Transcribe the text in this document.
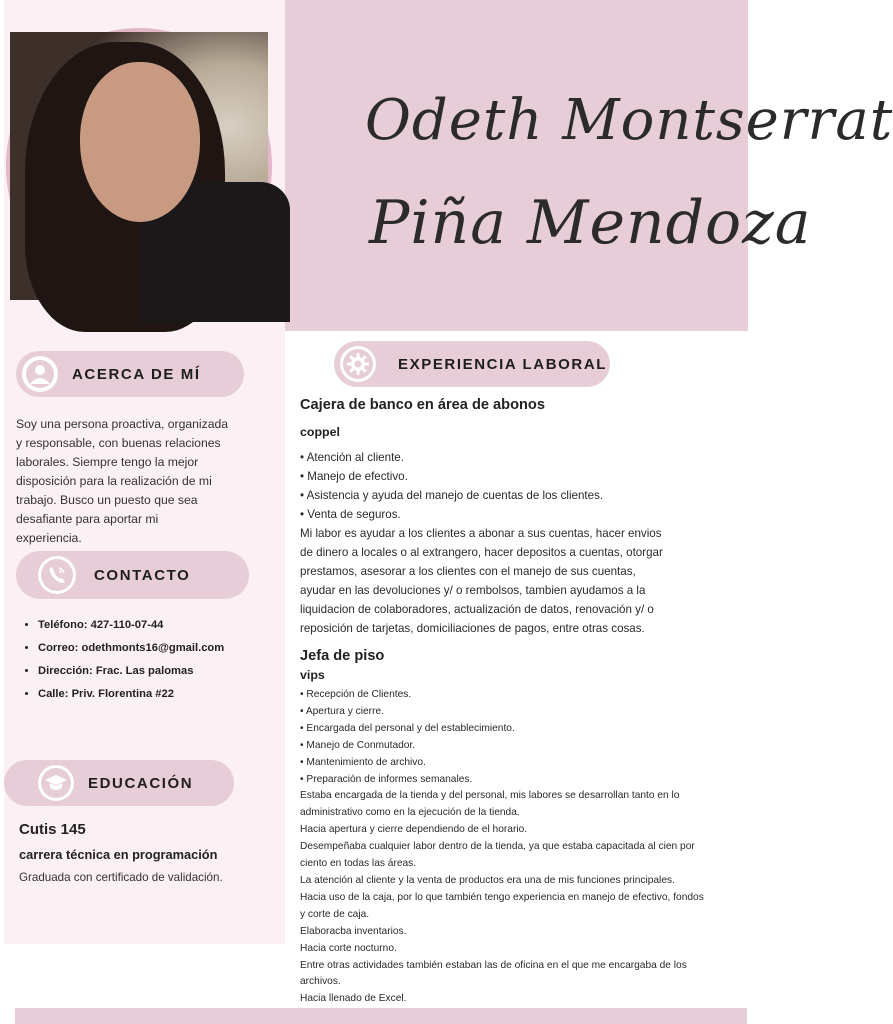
Odeth Montserrat
Piña Mendoza
ACERCA DE MÍ
Soy una persona proactiva, organizada
y responsable, con buenas relaciones
laborales. Siempre tengo la mejor
disposición para la realización de mi
trabajo. Busco un puesto que sea
desafiante para aportar mi
experiencia.
CONTACTO
• Teléfono: 427-110-07-44
• Correo: odethmonts16@gmail.com
• Dirección: Frac. Las palomas
• Calle: Priv. Florentina #22
EDUCACIÓN
Cutis 145
carrera técnica en programación
Graduada con certificado de validación.
EXPERIENCIA LABORAL
Cajera de banco en área de abonos
coppel
• Atención al cliente.
• Manejo de efectivo.
• Asistencia y ayuda del manejo de cuentas de los clientes.
• Venta de seguros.
Mi labor es ayudar a los clientes a abonar a sus cuentas, hacer envios
de dinero a locales o al extrangero, hacer depositos a cuentas, otorgar
prestamos, asesorar a los clientes con el manejo de sus cuentas,
ayudar en las devoluciones y/ o rembolsos, tambien ayudamos a la
liquidacion de colaboradores, actualización de datos, renovación y/ o
reposición de tarjetas, domiciliaciones de pagos, entre otras cosas.
Jefa de piso
vips
• Recepción de Clientes.
• Apertura y cierre.
• Encargada del personal y del establecimiento.
• Manejo de Conmutador.
• Mantenimiento de archivo.
• Preparación de informes semanales.
Estaba encargada de la tienda y del personal, mis labores se desarrollan tanto en lo
administrativo como en la ejecución de la tienda.
Hacia apertura y cierre dependiendo de el horario.
Desempeñaba cualquier labor dentro de la tienda, ya que estaba capacitada al cien por
ciento en todas las áreas.
La atención al cliente y la venta de productos era una de mis funciones principales.
Hacia uso de la caja, por lo que también tengo experiencia en manejo de efectivo, fondos
y corte de caja.
Elaboracba inventarios.
Hacia corte nocturno.
Entre otras actividades también estaban las de oficina en el que me encargaba de los
archivos.
Hacia llenado de Excel.
